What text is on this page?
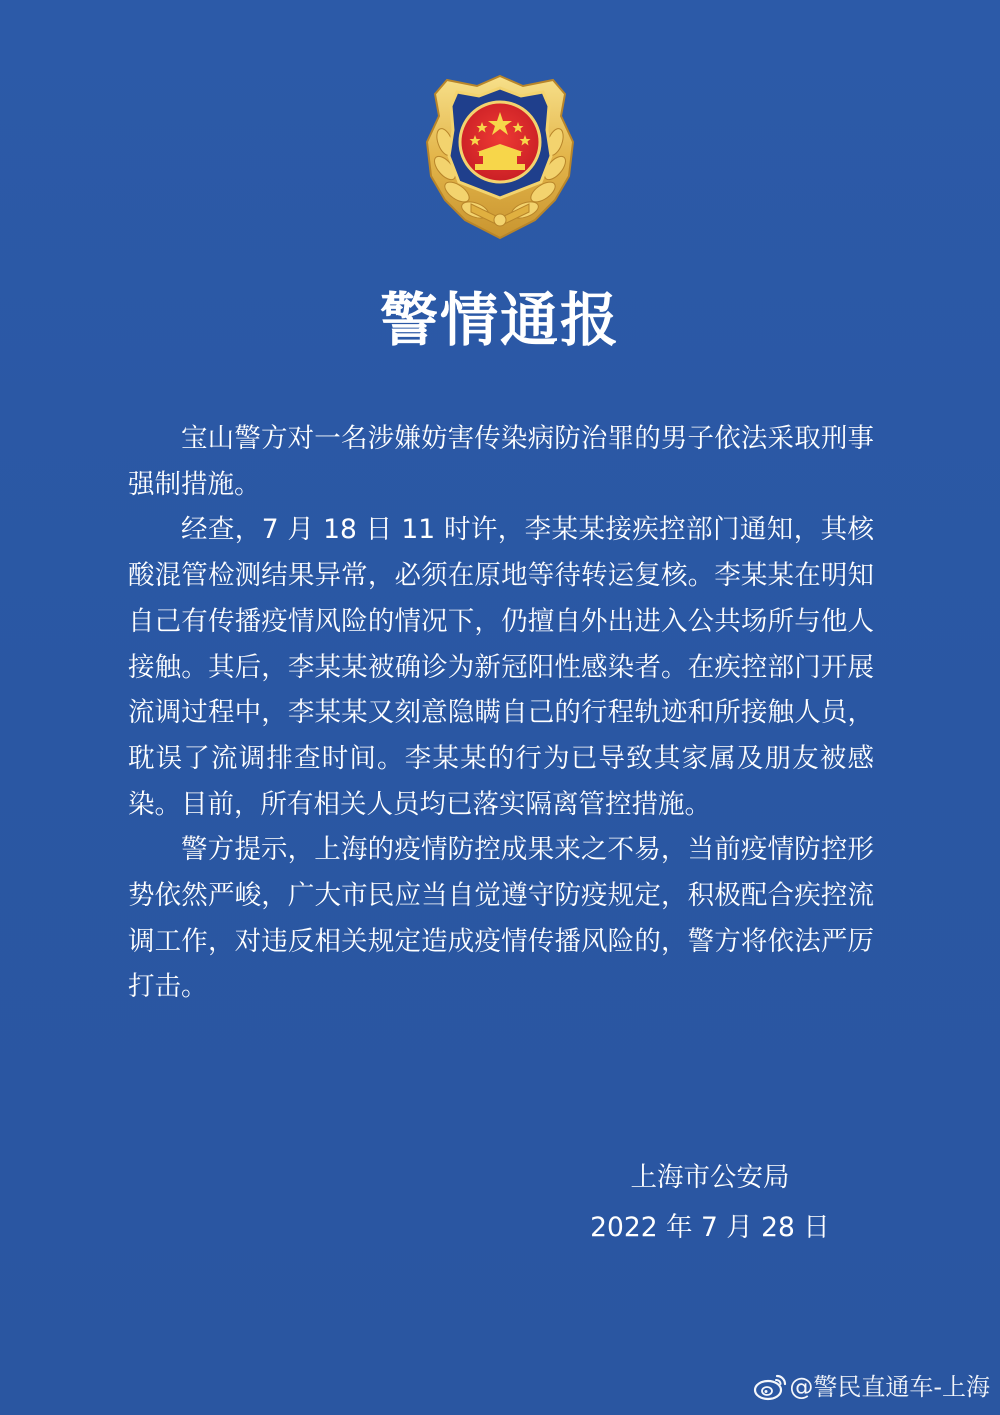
警情通报

宝山警方对一名涉嫌妨害传染病防治罪的男子依法采取刑事强制措施。

经查，7 月 18 日 11 时许，李某某接疾控部门通知，其核酸混管检测结果异常，必须在原地等待转运复核。李某某在明知自己有传播疫情风险的情况下，仍擅自外出进入公共场所与他人接触。其后，李某某被确诊为新冠阳性感染者。在疾控部门开展流调过程中，李某某又刻意隐瞒自己的行程轨迹和所接触人员，耽误了流调排查时间。李某某的行为已导致其家属及朋友被感染。目前，所有相关人员均已落实隔离管控措施。

警方提示，上海的疫情防控成果来之不易，当前疫情防控形势依然严峻，广大市民应当自觉遵守防疫规定，积极配合疾控流调工作，对违反相关规定造成疫情传播风险的，警方将依法严厉打击。

上海市公安局
2022 年 7 月 28 日
@警民直通车-上海
